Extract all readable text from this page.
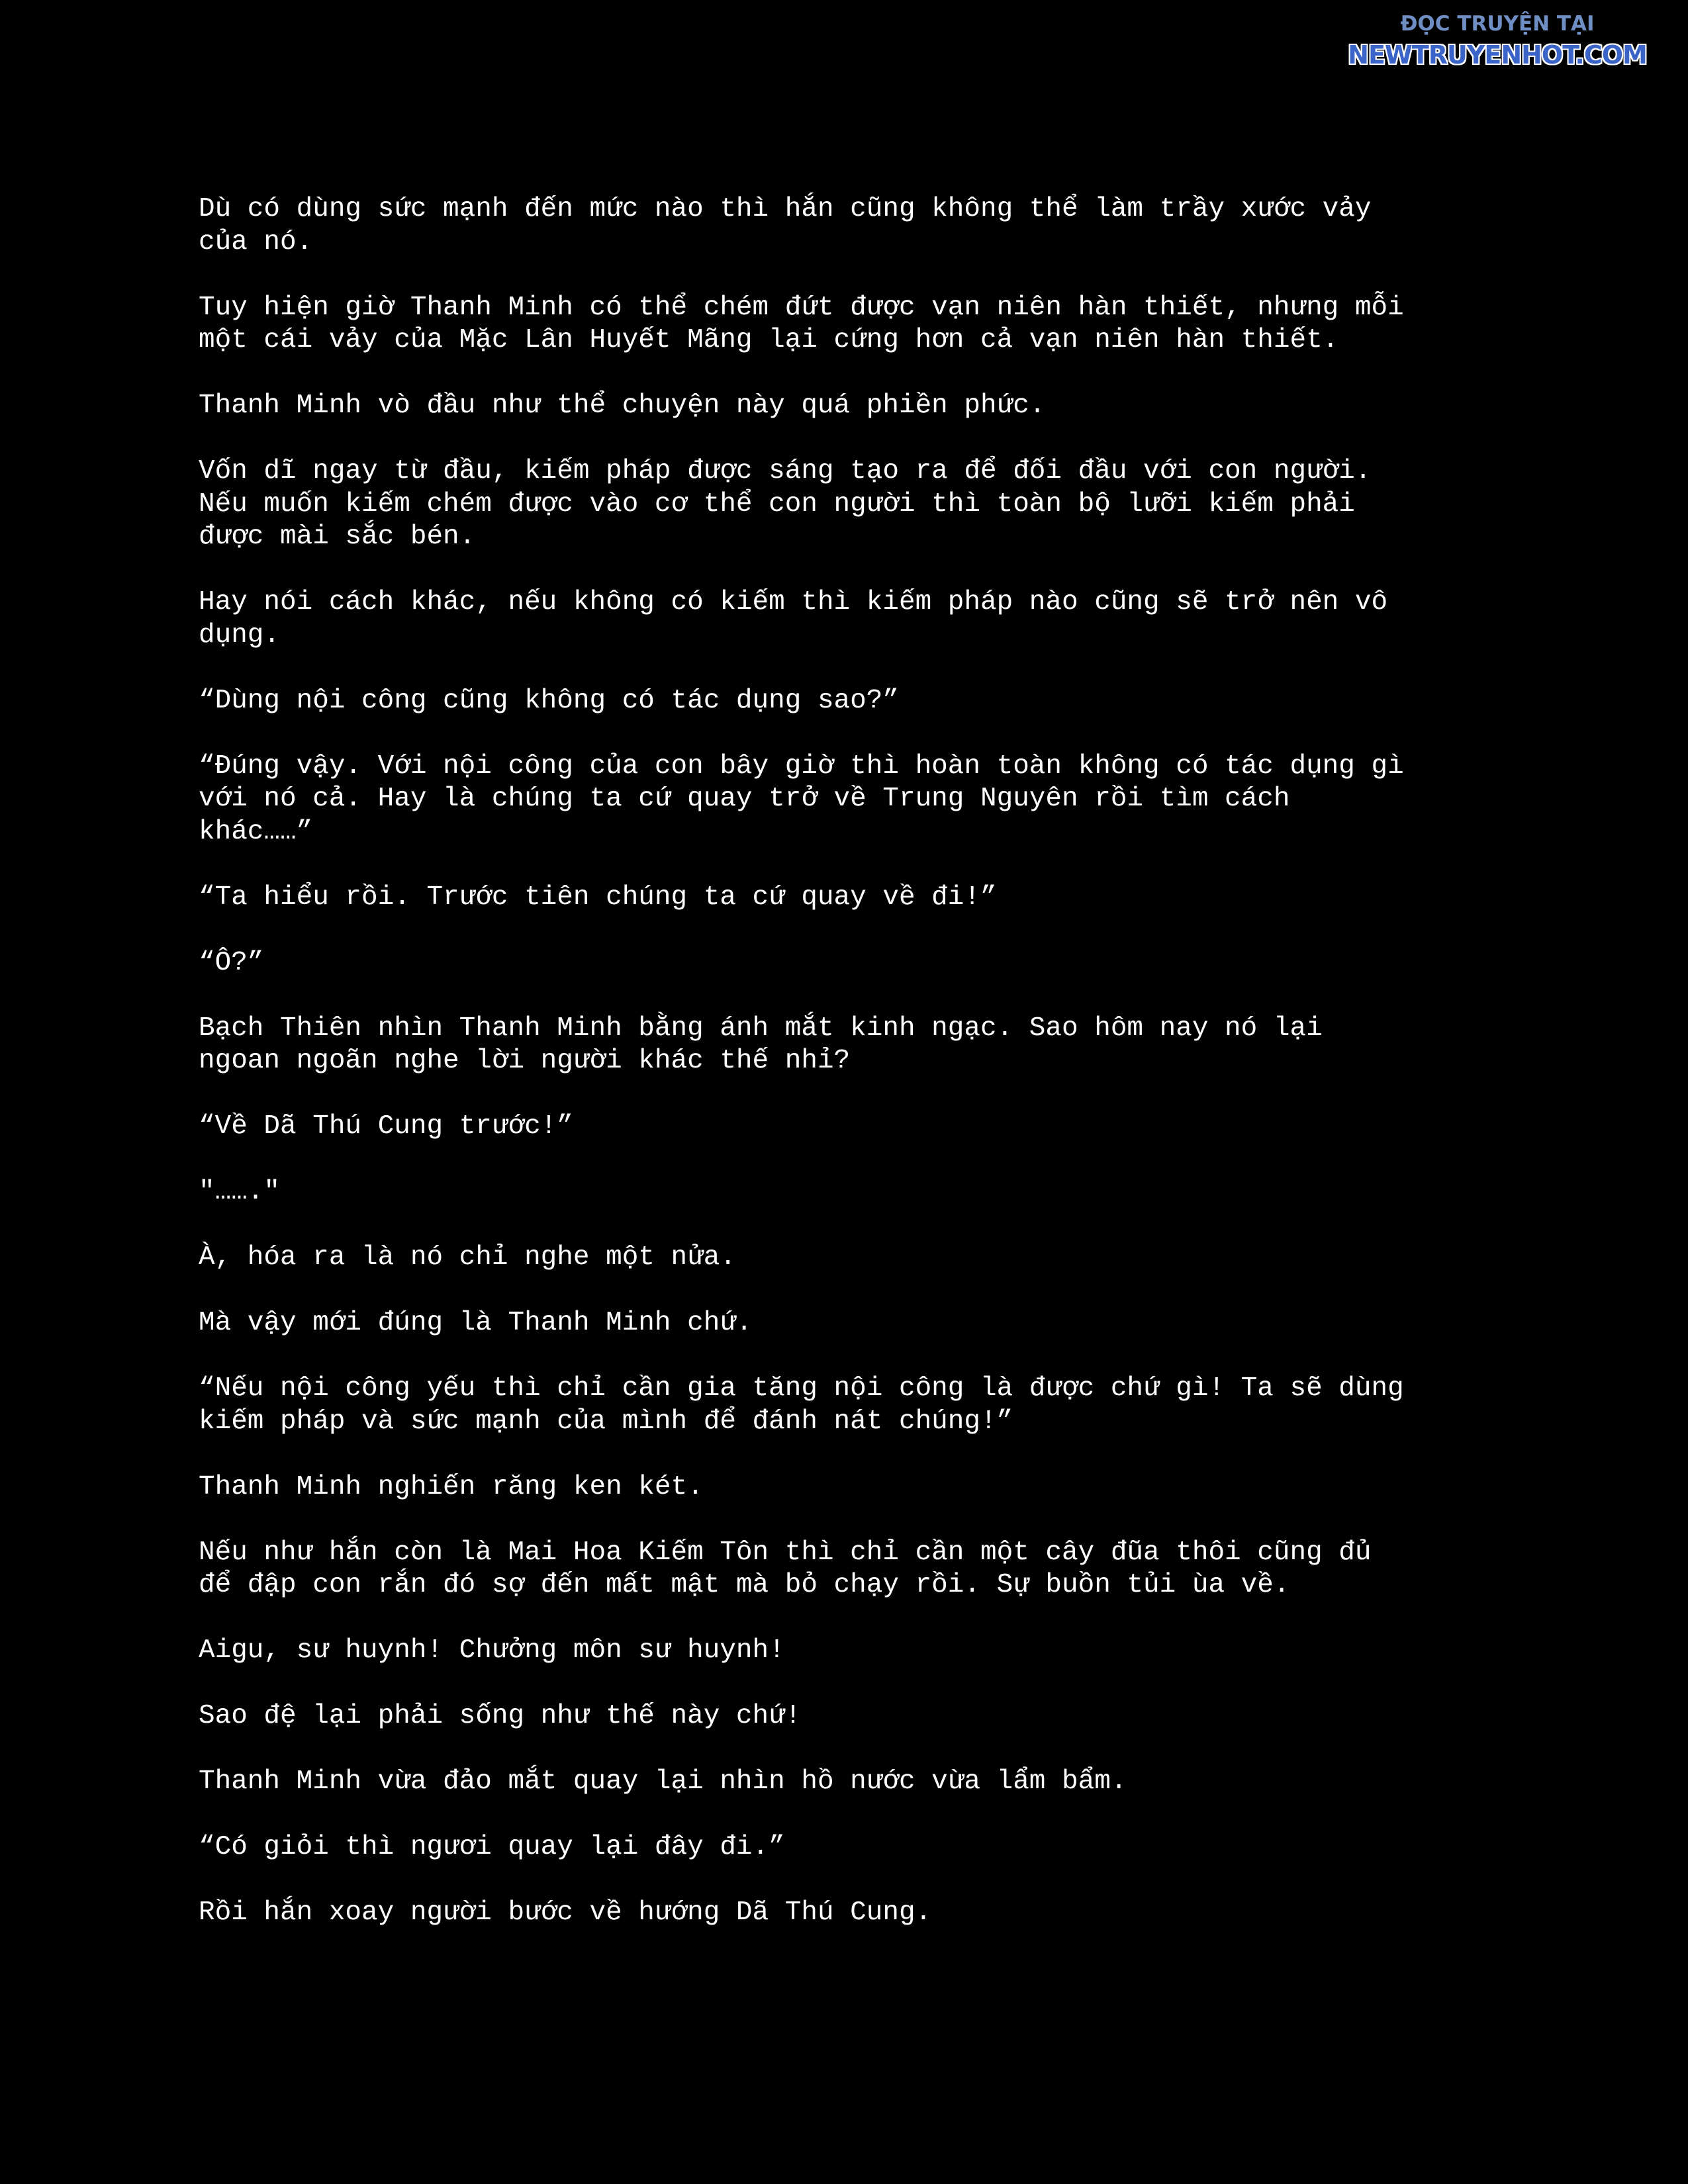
ĐỌC TRUYỆN TẠI
NEWTRUYENHOT.COM

Dù có dùng sức mạnh đến mức nào thì hắn cũng không thể làm trầy xước vảy
của nó.

Tuy hiện giờ Thanh Minh có thể chém đứt được vạn niên hàn thiết, nhưng mỗi
một cái vảy của Mặc Lân Huyết Mãng lại cứng hơn cả vạn niên hàn thiết.

Thanh Minh vò đầu như thể chuyện này quá phiền phức.

Vốn dĩ ngay từ đầu, kiếm pháp được sáng tạo ra để đối đầu với con người.
Nếu muốn kiếm chém được vào cơ thể con người thì toàn bộ lưỡi kiếm phải
được mài sắc bén.

Hay nói cách khác, nếu không có kiếm thì kiếm pháp nào cũng sẽ trở nên vô
dụng.

“Dùng nội công cũng không có tác dụng sao?”

“Đúng vậy. Với nội công của con bây giờ thì hoàn toàn không có tác dụng gì
với nó cả. Hay là chúng ta cứ quay trở về Trung Nguyên rồi tìm cách
khác……”

“Ta hiểu rồi. Trước tiên chúng ta cứ quay về đi!”

“Ô?”

Bạch Thiên nhìn Thanh Minh bằng ánh mắt kinh ngạc. Sao hôm nay nó lại
ngoan ngoãn nghe lời người khác thế nhỉ?

“Về Dã Thú Cung trước!”

"……."

À, hóa ra là nó chỉ nghe một nửa.

Mà vậy mới đúng là Thanh Minh chứ.

“Nếu nội công yếu thì chỉ cần gia tăng nội công là được chứ gì! Ta sẽ dùng
kiếm pháp và sức mạnh của mình để đánh nát chúng!”

Thanh Minh nghiến răng ken két.

Nếu như hắn còn là Mai Hoa Kiếm Tôn thì chỉ cần một cây đũa thôi cũng đủ
để đập con rắn đó sợ đến mất mật mà bỏ chạy rồi. Sự buồn tủi ùa về.

Aigu, sư huynh! Chưởng môn sư huynh!

Sao đệ lại phải sống như thế này chứ!

Thanh Minh vừa đảo mắt quay lại nhìn hồ nước vừa lẩm bẩm.

“Có giỏi thì ngươi quay lại đây đi.”

Rồi hắn xoay người bước về hướng Dã Thú Cung.
